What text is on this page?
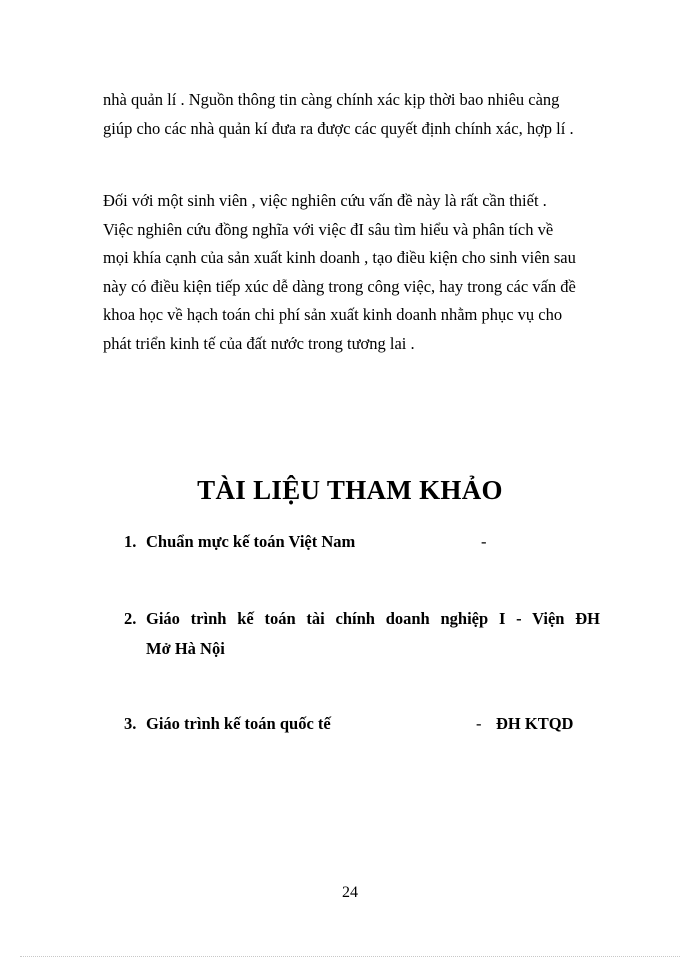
nhà quản lí . Nguồn thông tin càng chính xác kịp thời bao nhiêu càng
giúp cho các nhà quản kí đưa ra được các quyết định chính xác, hợp lí .

Đối với một sinh viên , việc nghiên cứu vấn đề này là rất cần thiết .
Việc nghiên cứu đồng nghĩa với việc đI sâu tìm hiểu và phân tích về
mọi khía cạnh của sản xuất kinh doanh , tạo điều kiện cho sinh viên sau
này có điều kiện tiếp xúc dễ dàng trong công việc, hay trong các vấn đề
khoa học về hạch toán chi phí sản xuất kinh doanh nhằm phục vụ cho
phát triển kinh tế của đất nước trong tương lai .

TÀI LIỆU THAM KHẢO
1. Chuẩn mực kế toán Việt Nam	-
2. Giáo trình kế toán tài chính doanh nghiệp I - Viện ĐH
Mở Hà Nội
3. Giáo trình kế toán quốc tế	- ĐH KTQD
24
